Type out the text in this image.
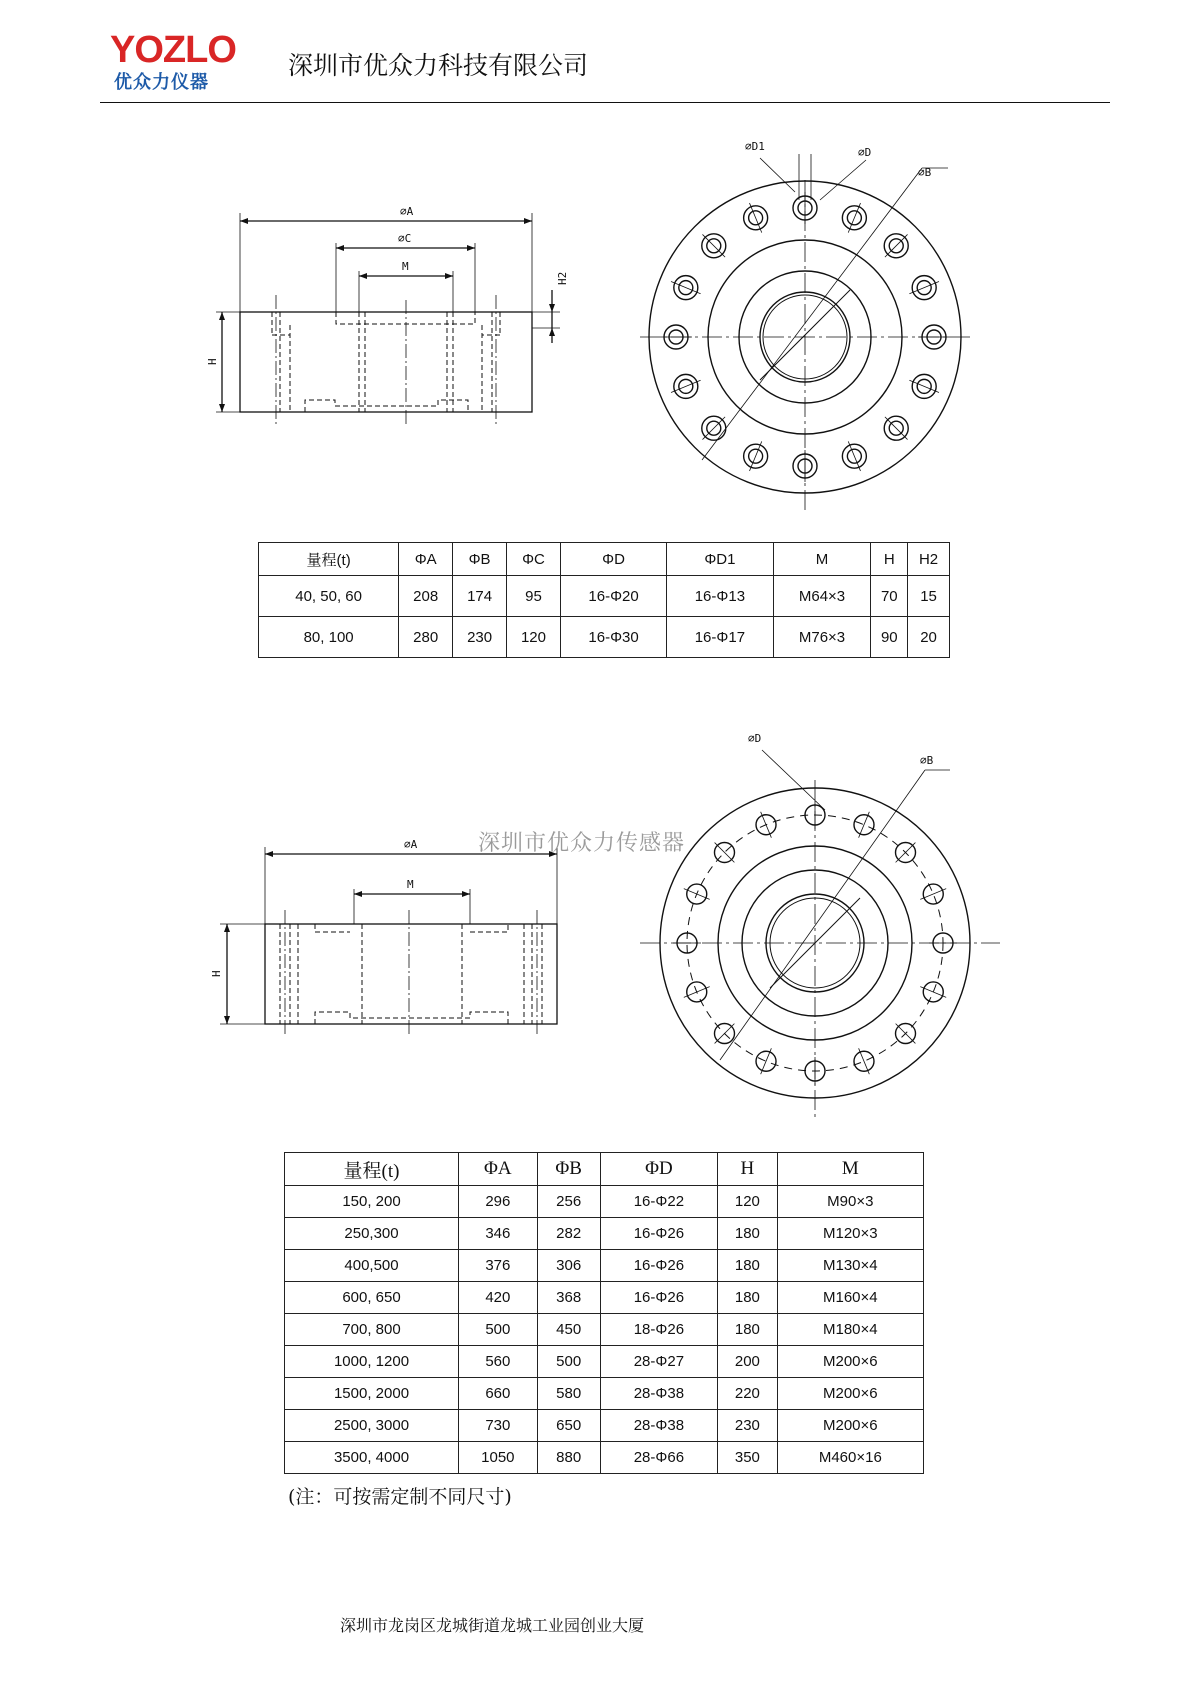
YOZLO
优众力仪器
深圳市优众力科技有限公司
⌀A
⌀C
M
H
H2
⌀D1	⌀D
⌀B
量程(t)	ΦA	ΦB	ΦC	ΦD	ΦD1	M	H	H2
40, 50, 60	208	174	95	16-Φ20	16-Φ13	M64×3	70	15
80, 100	280	230	120	16-Φ30	16-Φ17	M76×3	90	20
⌀A
M
H
⌀D
⌀B
深圳市优众力传感器
量程(t)	ΦA	ΦB	ΦD	H	M
150, 200	296	256	16-Φ22	120	M90×3
250,300	346	282	16-Φ26	180	M120×3
400,500	376	306	16-Φ26	180	M130×4
600, 650	420	368	16-Φ26	180	M160×4
700, 800	500	450	18-Φ26	180	M180×4
1000, 1200	560	500	28-Φ27	200	M200×6
1500, 2000	660	580	28-Φ38	220	M200×6
2500, 3000	730	650	28-Φ38	230	M200×6
3500, 4000	1050	880	28-Φ66	350	M460×16
(注：可按需定制不同尺寸)
深圳市龙岗区龙城街道龙城工业园创业大厦
